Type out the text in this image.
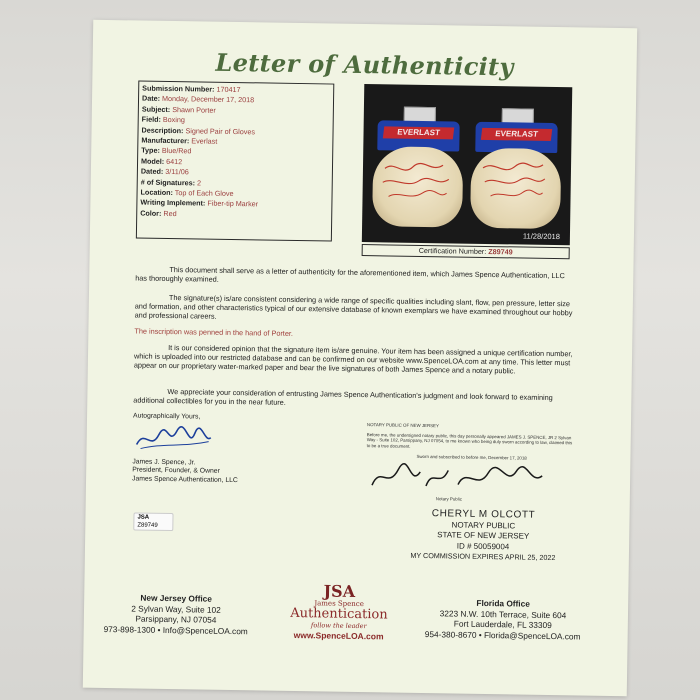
Letter of Authenticity
Submission Number: 170417
Date: Monday, December 17, 2018
Subject: Shawn Porter
Field: Boxing
Description: Signed Pair of Gloves
Manufacturer: Everlast
Type: Blue/Red
Model: 6412
Dated: 3/11/06
# of Signatures: 2
Location: Top of Each Glove
Writing Implement: Fiber-tip Marker
Color: Red
EVERLAST	EVERLAST
11/28/2018
Certification Number: Z89749
This document shall serve as a letter of authenticity for the aforementioned item, which James Spence Authentication, LLC has thoroughly examined.
The signature(s) is/are consistent considering a wide range of specific qualities including slant, flow, pen pressure, letter size and formation, and other characteristics typical of our extensive database of known exemplars we have examined throughout our hobby and professional careers.
The inscription was penned in the hand of Porter.
It is our considered opinion that the signature item is/are genuine. Your item has been assigned a unique certification number, which is uploaded into our restricted database and can be confirmed on our website www.SpenceLOA.com at any time. This letter must appear on our proprietary water-marked paper and bear the live signatures of both James Spence and a notary public.
We appreciate your consideration of entrusting James Spence Authentication's judgment and look forward to examining additional collectibles for you in the near future.
Autographically Yours,
James J. Spence, Jr.
President, Founder, & Owner
James Spence Authentication, LLC
JSA
Z89749
NOTARY PUBLIC OF NEW JERSEY
Before me, the undersigned notary public, this day personally appeared JAMES J. SPENCE, JR 2 Sylvan Way - Suite 102, Parsippany, NJ 07054, to me known who being duly sworn according to law, claimed this to be a true document.
Sworn and subscribed to before me, December 17, 2018
Notary Public
CHERYL M OLCOTT
NOTARY PUBLIC
STATE OF NEW JERSEY
ID # 50059004
MY COMMISSION EXPIRES APRIL 25, 2022
New Jersey Office
2 Sylvan Way, Suite 102
Parsippany, NJ 07054
973-898-1300 • Info@SpenceLOA.com
JSA
James Spence
Authentication
follow the leader
www.SpenceLOA.com
Florida Office
3223 N.W. 10th Terrace, Suite 604
Fort Lauderdale, FL 33309
954-380-8670 • Florida@SpenceLOA.com
